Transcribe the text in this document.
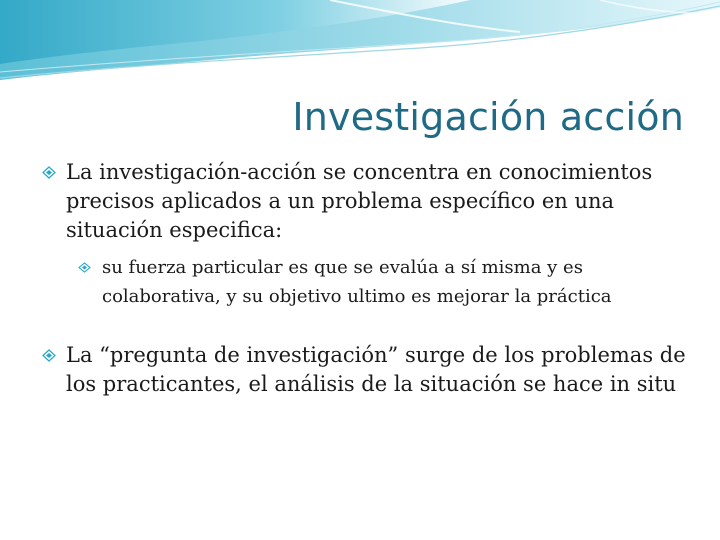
Investigación acción
La investigación-acción se concentra en conocimientos precisos aplicados a un problema específico en una situación especifica:
su fuerza particular es que se evalúa a sí misma y es colaborativa, y su objetivo ultimo es mejorar la práctica
La “pregunta de investigación” surge de los problemas de los practicantes, el análisis de la situación se hace in situ
